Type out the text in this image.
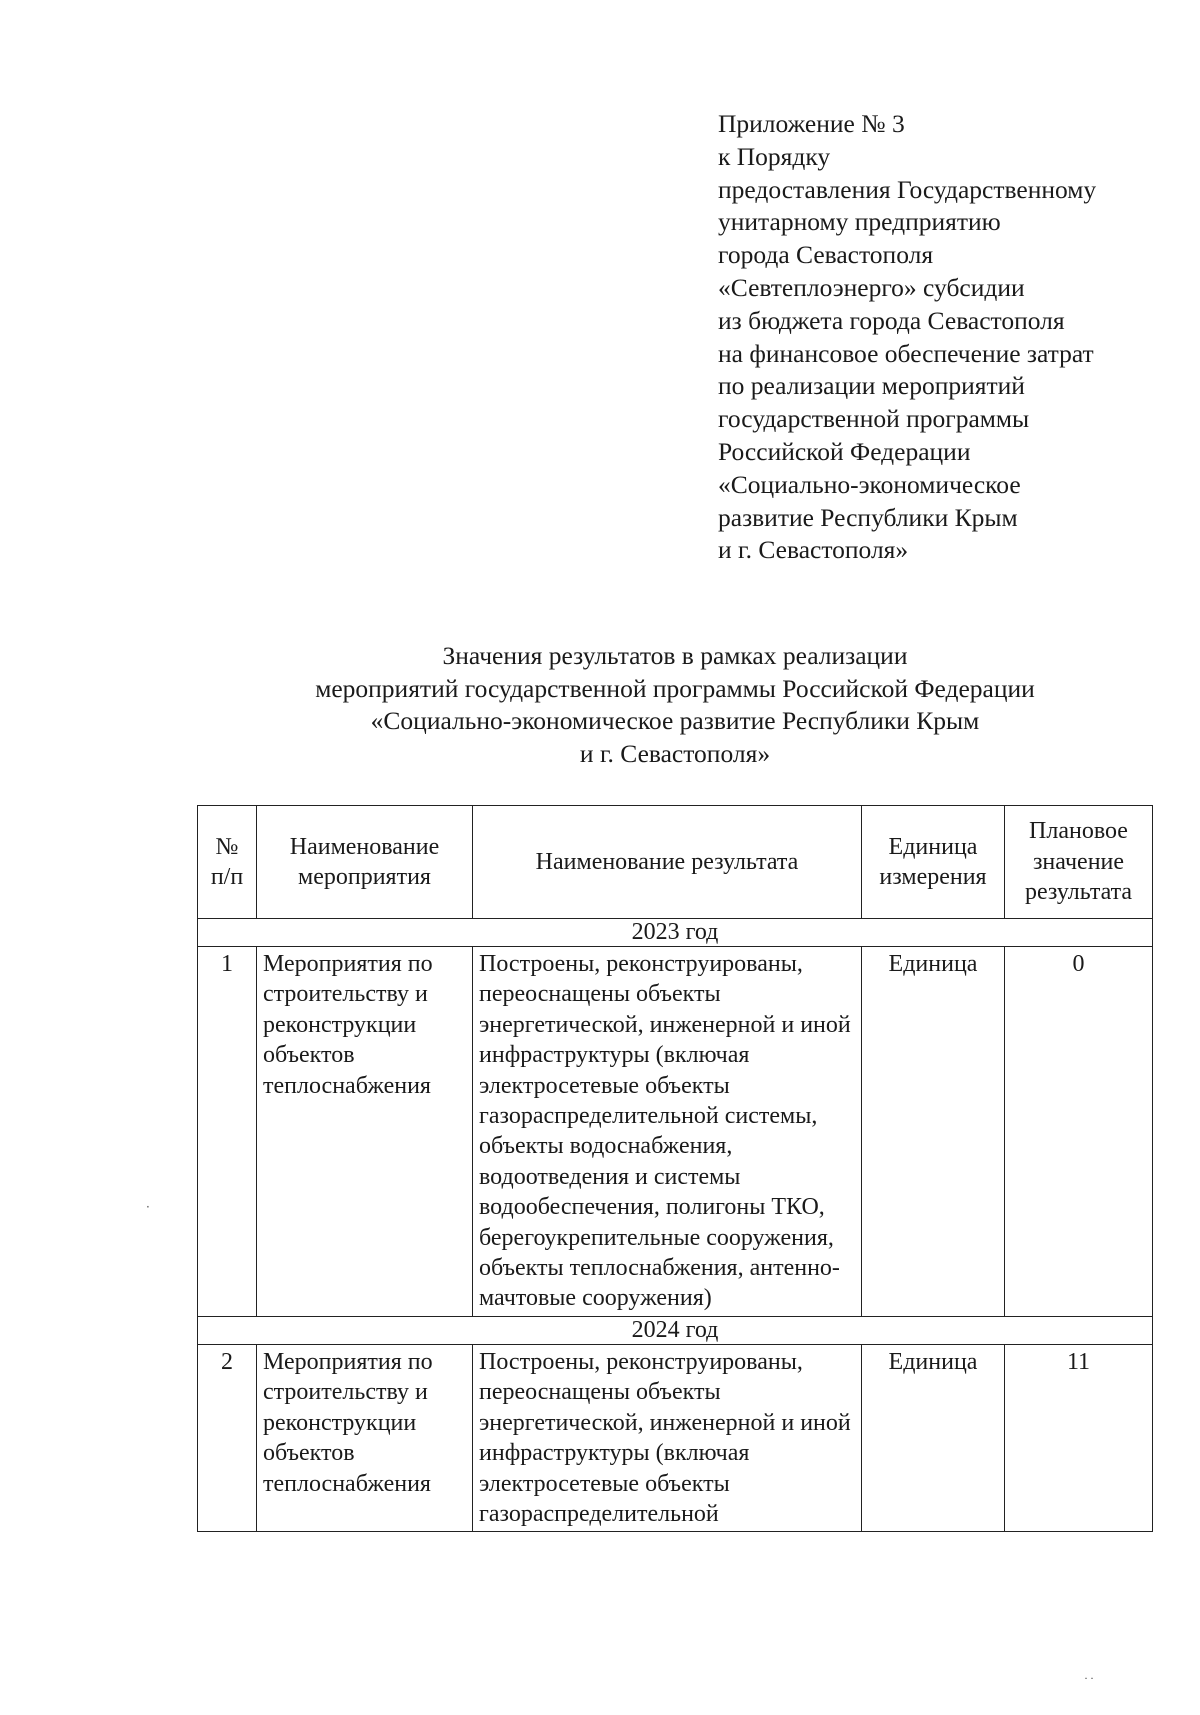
Приложение № 3
к Порядку
предоставления Государственному
унитарному предприятию
города Севастополя
«Севтеплоэнерго» субсидии
из бюджета города Севастополя
на финансовое обеспечение затрат
по реализации мероприятий
государственной программы
Российской Федерации
«Социально-экономическое
развитие Республики Крым
и г. Севастополя»
Значения результатов в рамках реализации
мероприятий государственной программы Российской Федерации
«Социально-экономическое развитие Республики Крым
и г. Севастополя»
№ п/п	Наименование мероприятия	Наименование результата	Единица измерения	Плановое значение результата
2023 год				
1	Мероприятия по строительству и реконструкции объектов теплоснабжения	Построены, реконструированы, переоснащены объекты энергетической, инженерной и иной инфраструктуры (включая электросетевые объекты газораспределительной системы, объекты водоснабжения, водоотведения и системы водообеспечения, полигоны ТКО, берегоукрепительные сооружения, объекты теплоснабжения, антенно-мачтовые сооружения)	Единица	0
2024 год				
2	Мероприятия по строительству и реконструкции объектов теплоснабжения	Построены, реконструированы, переоснащены объекты энергетической, инженерной и иной инфраструктуры (включая электросетевые объекты газораспределительной	Единица	11
·
˙˙
